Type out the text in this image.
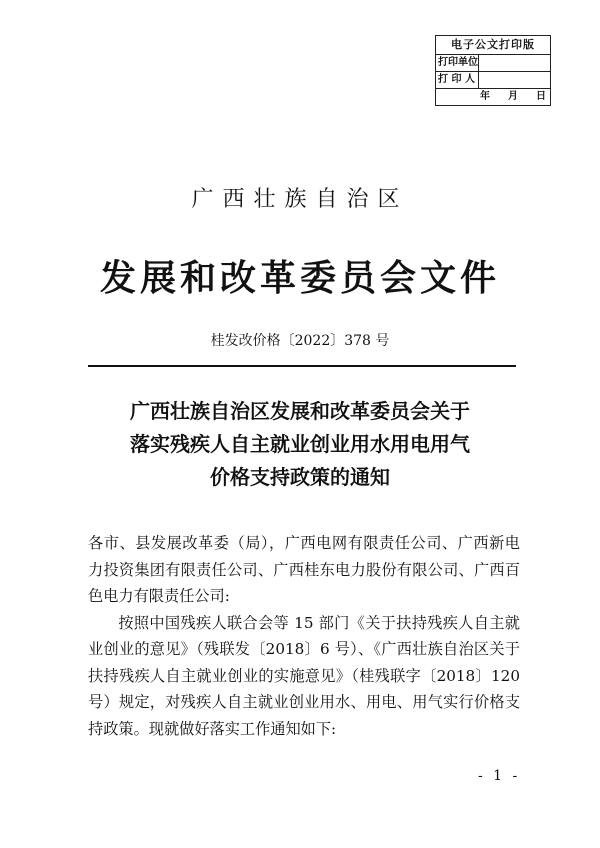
电子公文打印版
打印单位
打 印 人
年 月 日
广西壮族自治区
发展和改革委员会文件
桂发改价格〔2022〕378 号
广西壮族自治区发展和改革委员会关于
落实残疾人自主就业创业用水用电用气
价格支持政策的通知

各市、县发展改革委（局），广西电网有限责任公司、广西新电力投资集团有限责任公司、广西桂东电力股份有限公司、广西百色电力有限责任公司:

按照中国残疾人联合会等 15 部门《关于扶持残疾人自主就业创业的意见》（残联发〔2018〕6 号）、《广西壮族自治区关于扶持残疾人自主就业创业的实施意见》（桂残联字〔2018〕120 号）规定，对残疾人自主就业创业用水、用电、用气实行价格支持政策。现就做好落实工作通知如下:

- 1 -
